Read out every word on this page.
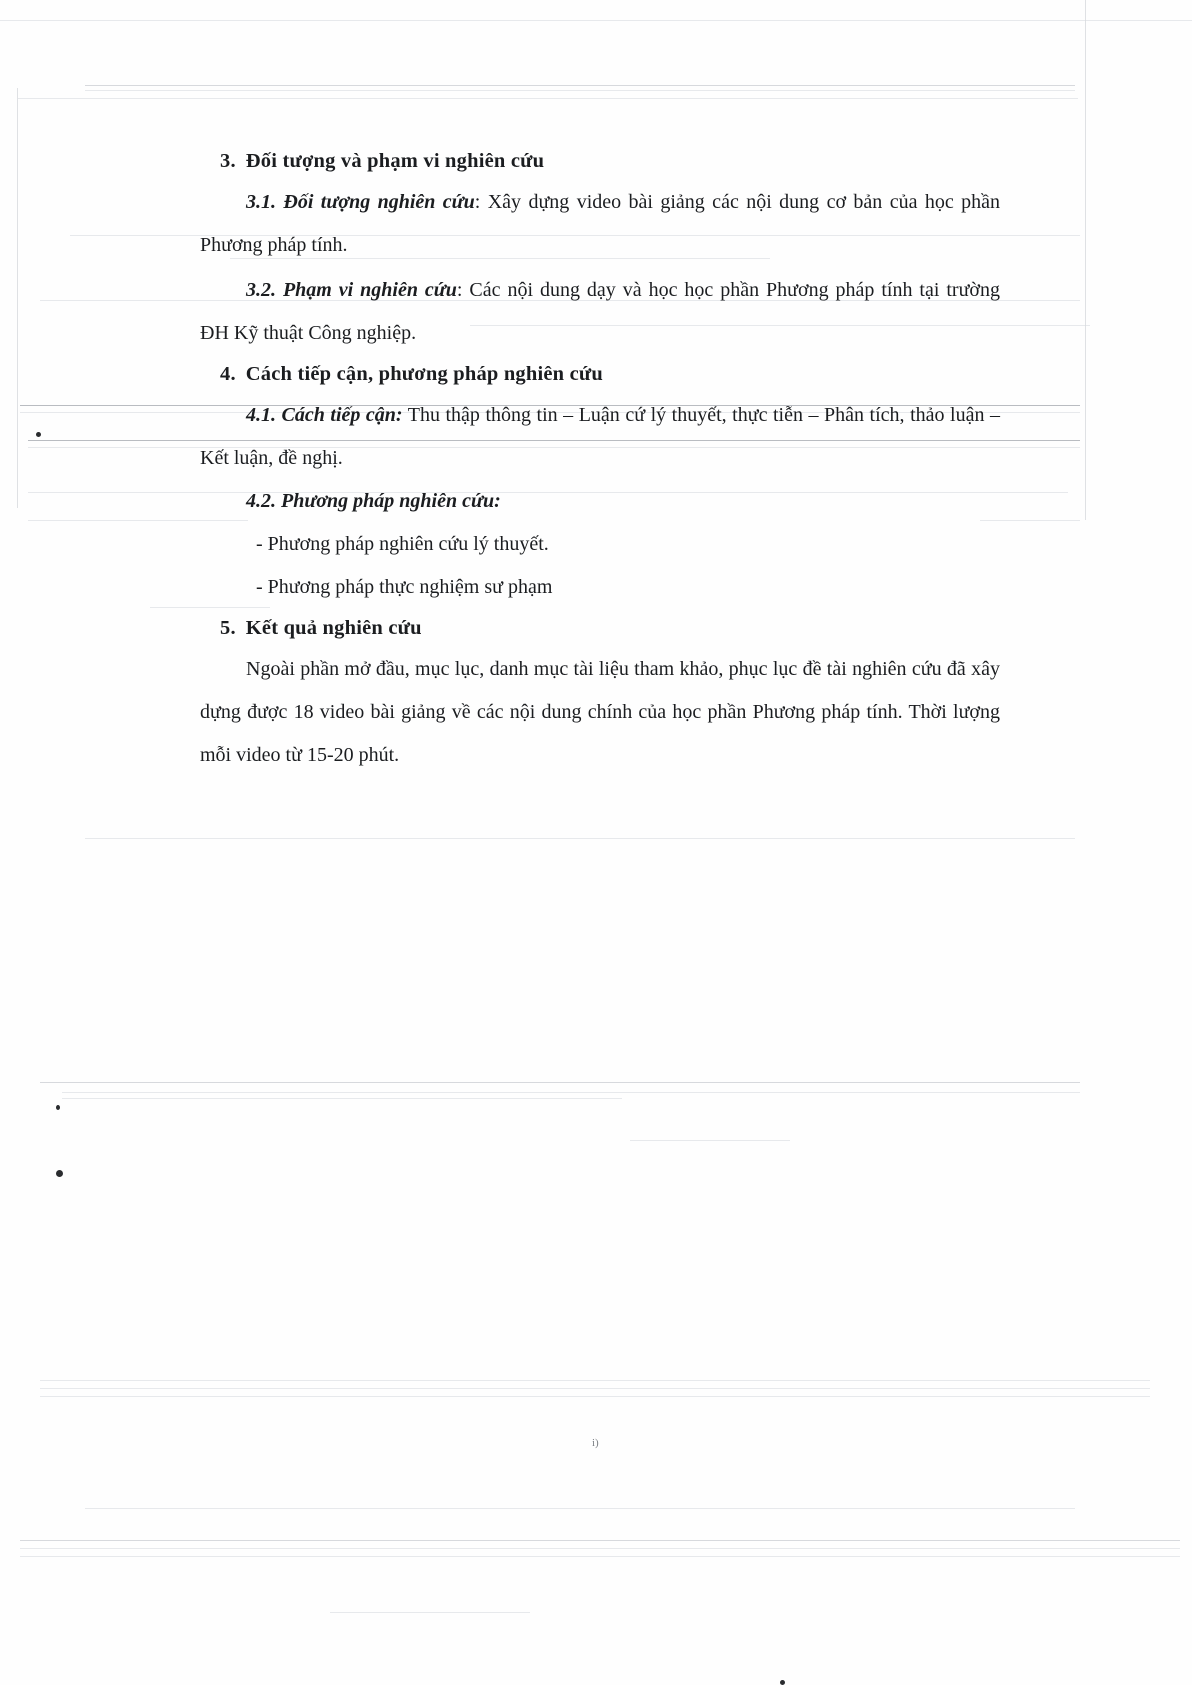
3. Đối tượng và phạm vi nghiên cứu

3.1. Đối tượng nghiên cứu: Xây dựng video bài giảng các nội dung cơ bản của học phần Phương pháp tính.

3.2. Phạm vi nghiên cứu: Các nội dung dạy và học học phần Phương pháp tính tại trường ĐH Kỹ thuật Công nghiệp.

4. Cách tiếp cận, phương pháp nghiên cứu

4.1. Cách tiếp cận: Thu thập thông tin – Luận cứ lý thuyết, thực tiễn – Phân tích, thảo luận – Kết luận, đề nghị.

4.2. Phương pháp nghiên cứu:

- Phương pháp nghiên cứu lý thuyết.

- Phương pháp thực nghiệm sư phạm

5. Kết quả nghiên cứu

Ngoài phần mở đầu, mục lục, danh mục tài liệu tham khảo, phục lục đề tài nghiên cứu đã xây dựng được 18 video bài giảng về các nội dung chính của học phần Phương pháp tính. Thời lượng mỗi video từ 15-20 phút.

i)
